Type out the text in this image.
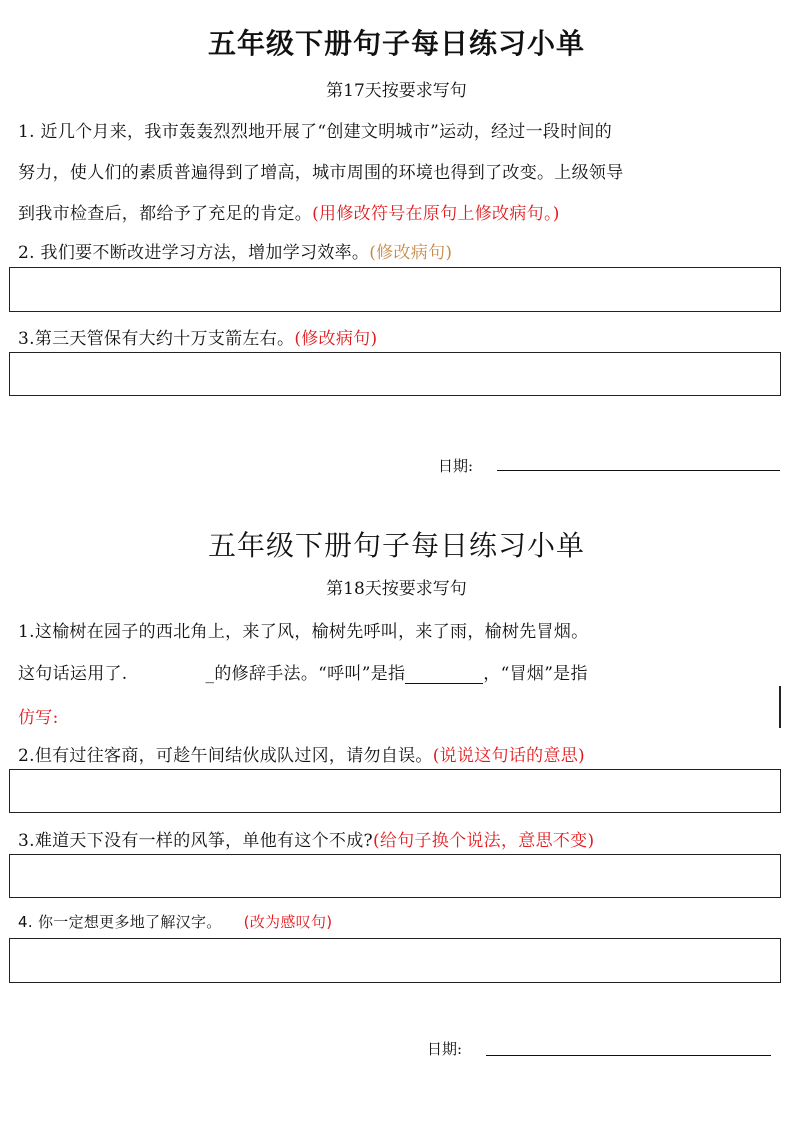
五年级下册句子每日练习小单
第17天按要求写句
1. 近几个月来，我市轰轰烈烈地开展了“创建文明城市”运动，经过一段时间的
努力，使人们的素质普遍得到了增高，城市周围的环境也得到了改变。上级领导
到我市检查后，都给予了充足的肯定。(用修改符号在原句上修改病句。)
2. 我们要不断改进学习方法，增加学习效率。(修改病句)
3.第三天管保有大约十万支箭左右。(修改病句)
日期:
五年级下册句子每日练习小单
第18天按要求写句
1.这榆树在园子的西北角上，来了风，榆树先呼叫，来了雨，榆树先冒烟。
这句话运用了.	_的修辞手法。“呼叫”是指	，“冒烟”是指
仿写:
2.但有过往客商，可趁午间结伙成队过冈，请勿自误。(说说这句话的意思)
3.难道天下没有一样的风筝，单他有这个不成?(给句子换个说法，意思不变)
4. 你一定想更多地了解汉字。 (改为感叹句)
日期:
